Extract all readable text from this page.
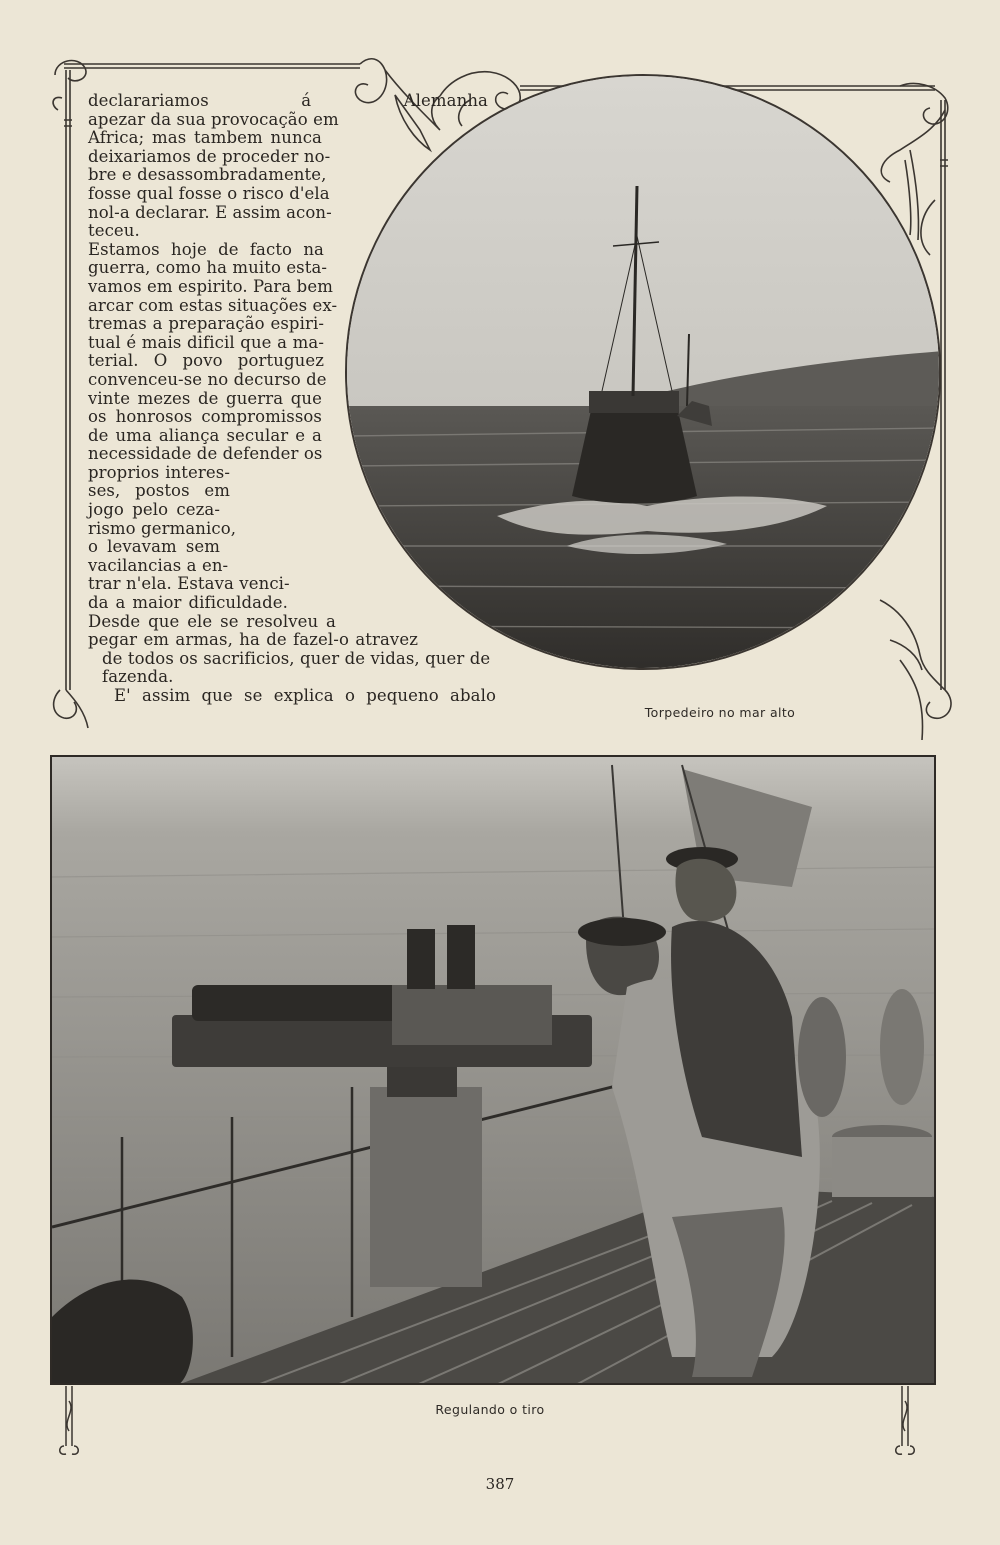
declarariamos á Alemanha
apezar da sua provocação em
Africa; mas tambem nunca
deixariamos de proceder no-
bre e desassombradamente,
fosse qual fosse o risco d'ela
nol-a declarar. E assim acon-
teceu.
Estamos hoje de facto na
guerra, como ha muito esta-
vamos em espirito. Para bem
arcar com estas situações ex-
tremas a preparação espiri-
tual é mais dificil que a ma-
terial. O povo portuguez
convenceu-se no decurso de
vinte mezes de guerra que
os honrosos compromissos
de uma aliança secular e a
necessidade de defender os
proprios interes-
ses, postos em
jogo pelo ceza-
rismo germanico,
o levavam sem
vacilancias a en-
trar n'ela. Estava venci-
da a maior dificuldade.
Desde que ele se resolveu a
pegar em armas, ha de fazel-o atravez
de todos os sacrificios, quer de vidas, quer de
fazenda.
E' assim que se explica o pequeno abalo
Torpedeiro no mar alto
Regulando o tiro
387
